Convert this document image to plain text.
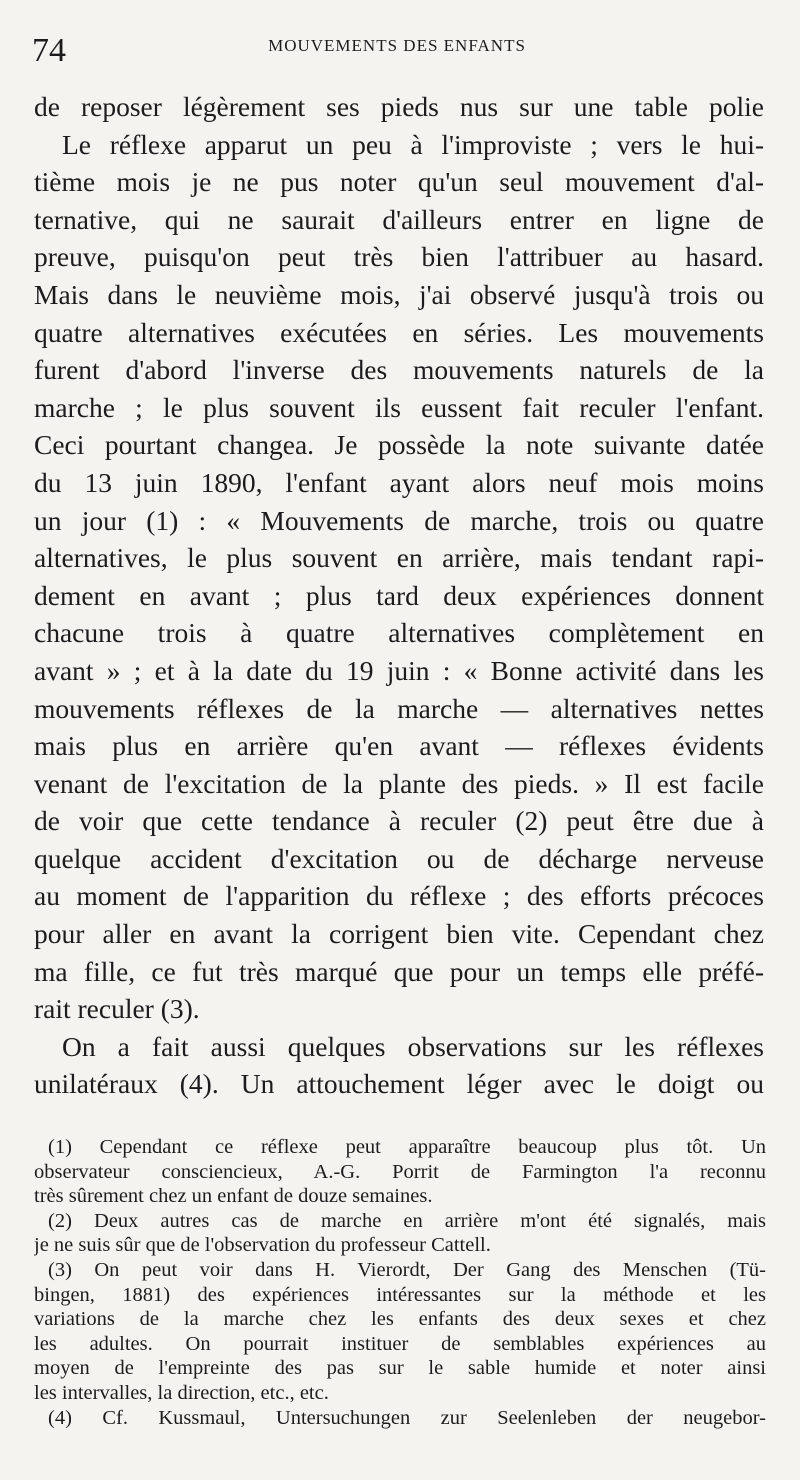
74	MOUVEMENTS DES ENFANTS
de reposer légèrement ses pieds nus sur une table polie
Le réflexe apparut un peu à l'improviste ; vers le hui-
tième mois je ne pus noter qu'un seul mouvement d'al-
ternative, qui ne saurait d'ailleurs entrer en ligne de
preuve, puisqu'on peut très bien l'attribuer au hasard.
Mais dans le neuvième mois, j'ai observé jusqu'à trois ou
quatre alternatives exécutées en séries. Les mouvements
furent d'abord l'inverse des mouvements naturels de la
marche ; le plus souvent ils eussent fait reculer l'enfant.
Ceci pourtant changea. Je possède la note suivante datée
du 13 juin 1890, l'enfant ayant alors neuf mois moins
un jour (1) : « Mouvements de marche, trois ou quatre
alternatives, le plus souvent en arrière, mais tendant rapi-
dement en avant ; plus tard deux expériences donnent
chacune trois à quatre alternatives complètement en
avant » ; et à la date du 19 juin : « Bonne activité dans les
mouvements réflexes de la marche — alternatives nettes
mais plus en arrière qu'en avant — réflexes évidents
venant de l'excitation de la plante des pieds. » Il est facile
de voir que cette tendance à reculer (2) peut être due à
quelque accident d'excitation ou de décharge nerveuse
au moment de l'apparition du réflexe ; des efforts précoces
pour aller en avant la corrigent bien vite. Cependant chez
ma fille, ce fut très marqué que pour un temps elle préfé-
rait reculer (3).
On a fait aussi quelques observations sur les réflexes
unilatéraux (4). Un attouchement léger avec le doigt ou
(1) Cependant ce réflexe peut apparaître beaucoup plus tôt. Un
observateur consciencieux, A.-G. Porrit de Farmington l'a reconnu
très sûrement chez un enfant de douze semaines.
(2) Deux autres cas de marche en arrière m'ont été signalés, mais
je ne suis sûr que de l'observation du professeur Cattell.
(3) On peut voir dans H. Vierordt, Der Gang des Menschen (Tü-
bingen, 1881) des expériences intéressantes sur la méthode et les
variations de la marche chez les enfants des deux sexes et chez
les adultes. On pourrait instituer de semblables expériences au
moyen de l'empreinte des pas sur le sable humide et noter ainsi
les intervalles, la direction, etc., etc.
(4) Cf. Kussmaul, Untersuchungen zur Seelenleben der neugebor-
